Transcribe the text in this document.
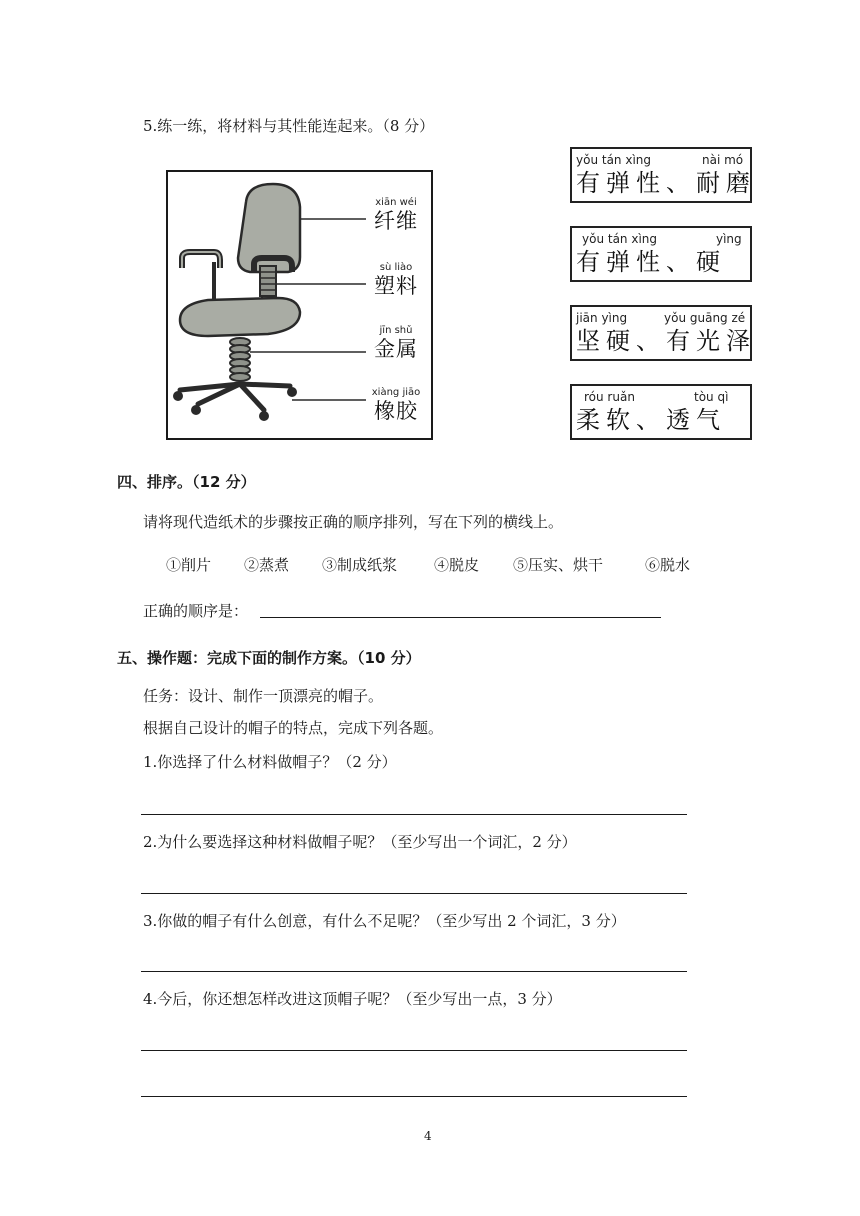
5.练一练，将材料与其性能连起来。（8 分）
xiān wéi
纤维
sù liào
塑料
jīn shǔ
金属
xiàng jiāo
橡胶
yǒu tán xìng	nài mó
有弹性、耐磨
yǒu tán xìng	yìng
有弹性、硬
jiān yìng	yǒu guāng zé
坚硬、有光泽
róu ruǎn	tòu qì
柔软、透气
四、排序。（12 分）
请将现代造纸术的步骤按正确的顺序排列，写在下列的横线上。
①削片 ②蒸煮 ③制成纸浆 ④脱皮 ⑤压实、烘干	⑥脱水
正确的顺序是：
五、操作题：完成下面的制作方案。（10 分）
任务：设计、制作一顶漂亮的帽子。
根据自己设计的帽子的特点，完成下列各题。
1.你选择了什么材料做帽子？（2 分）
2.为什么要选择这种材料做帽子呢？（至少写出一个词汇，2 分）
3.你做的帽子有什么创意，有什么不足呢？（至少写出 2 个词汇，3 分）
4.今后，你还想怎样改进这顶帽子呢？（至少写出一点，3 分）
4
